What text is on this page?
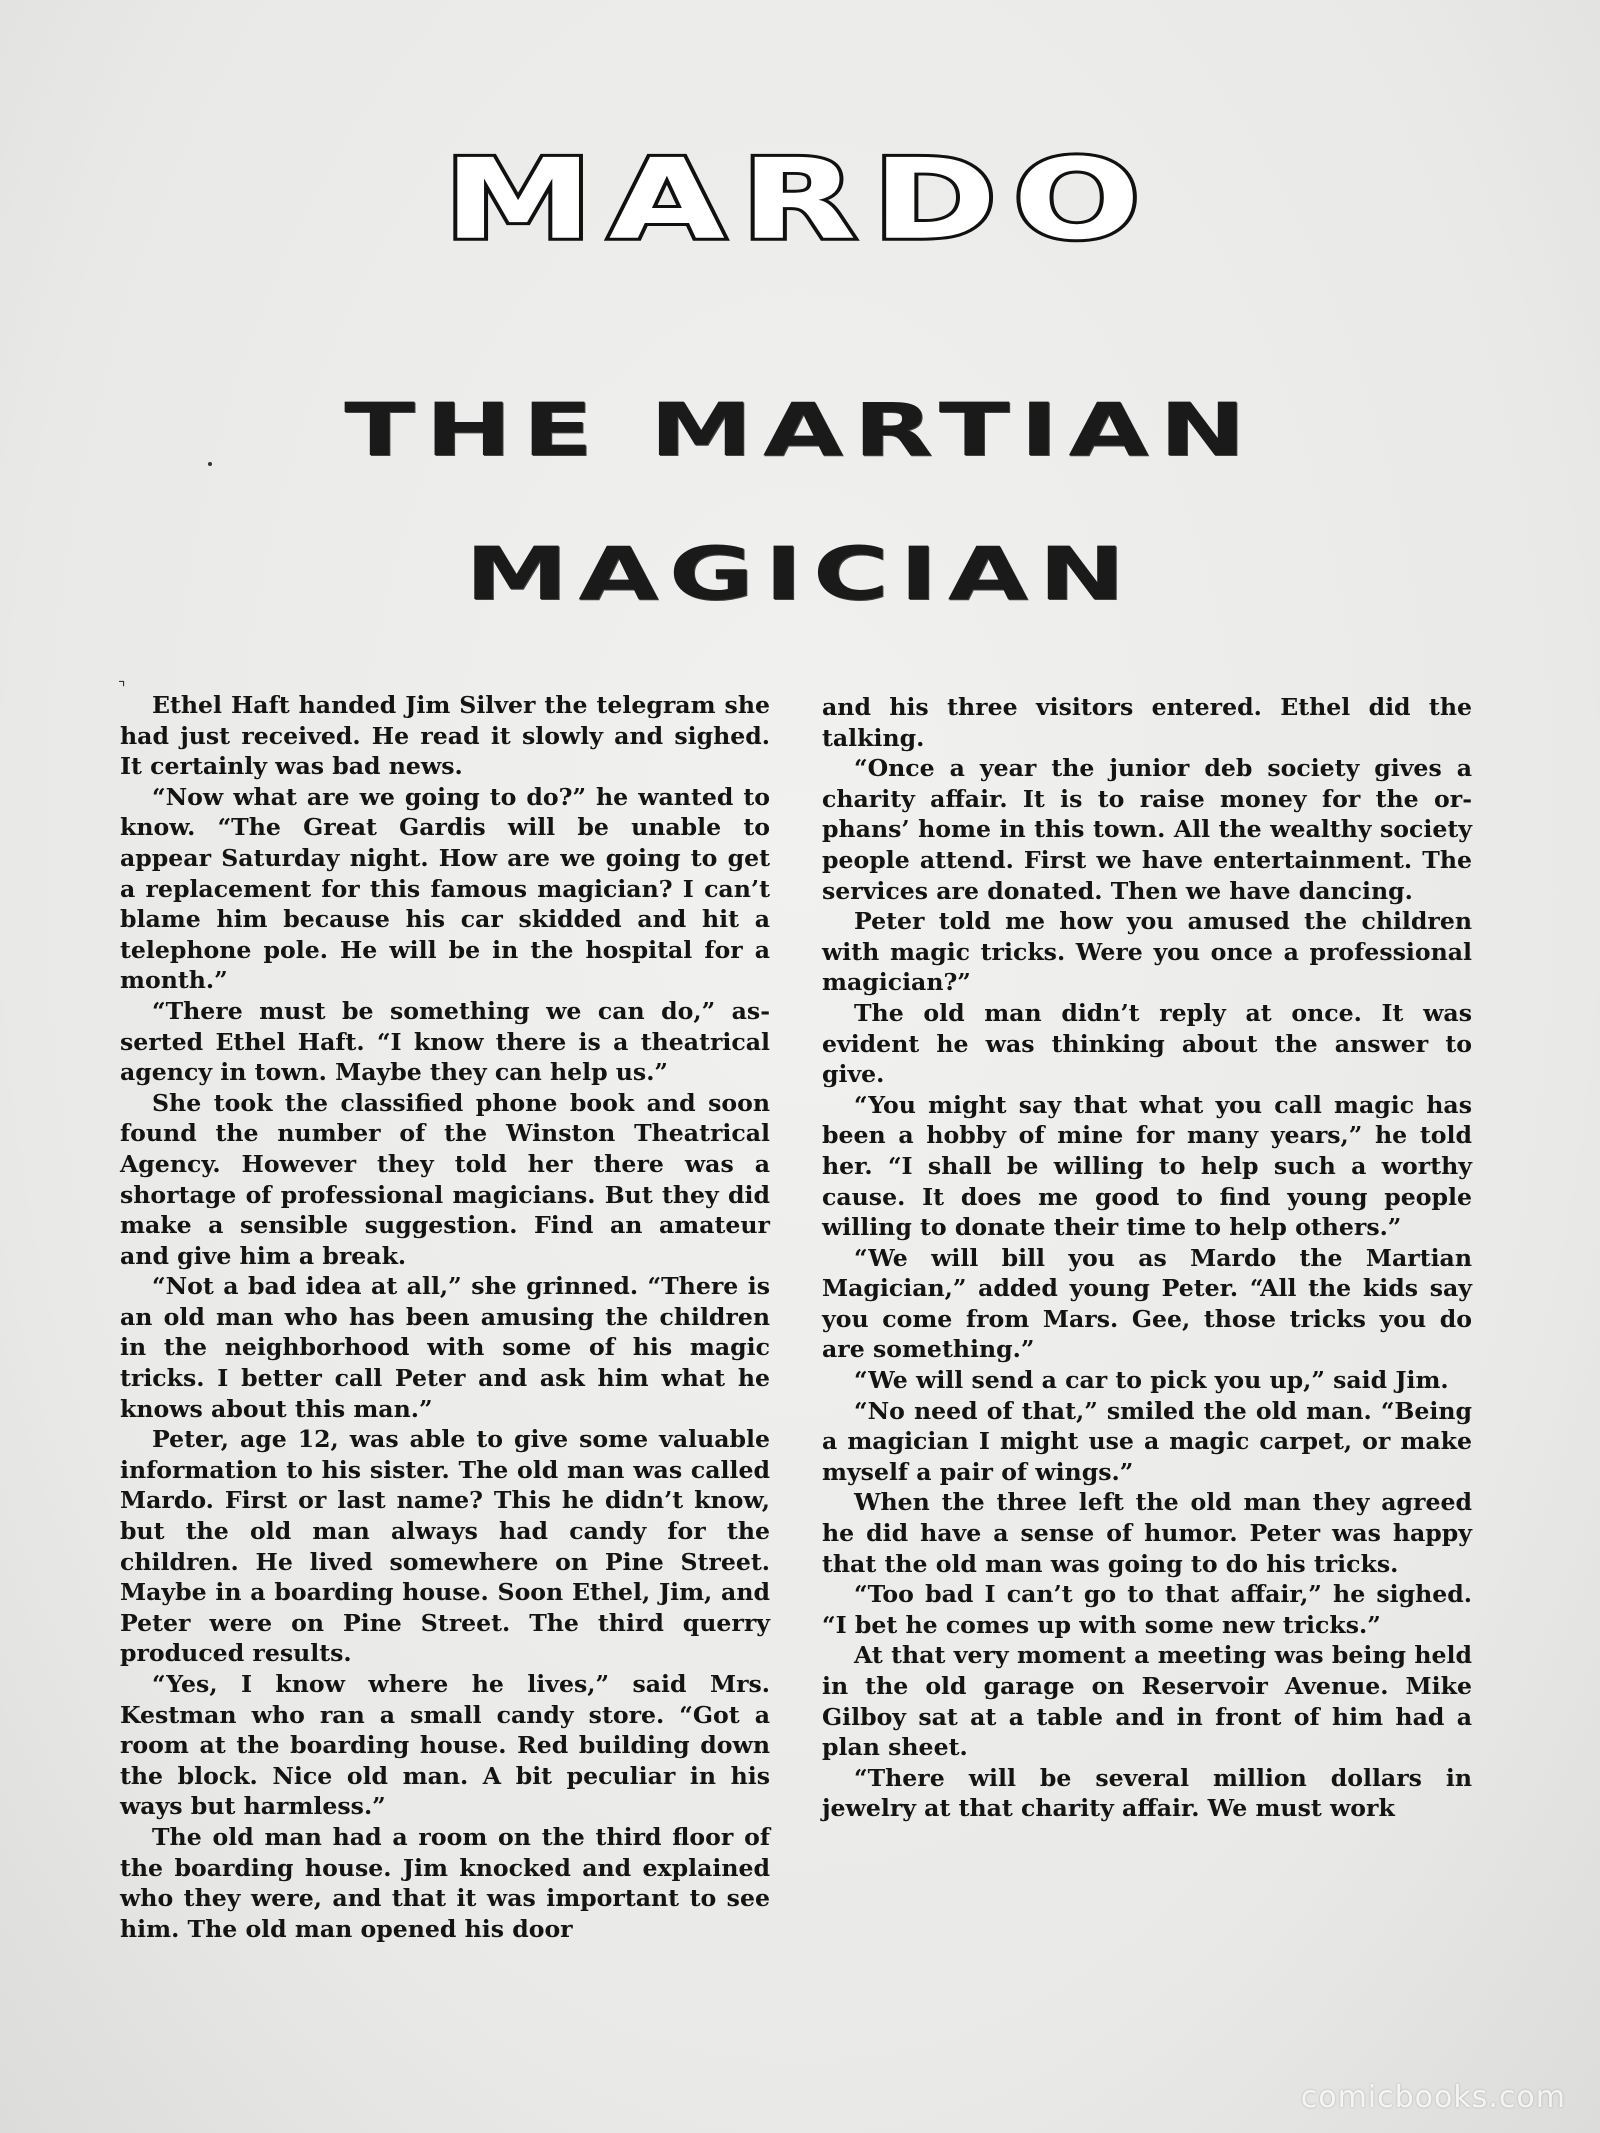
MARDO
THE MARTIAN
MAGICIAN
⌝

Ethel Haft handed Jim Silver the telegram she had just received. He read it slowly and sighed. It certainly was bad news.

“Now what are we going to do?” he wanted to know. “The Great Gardis will be unable to appear Saturday night. How are we going to get a replacement for this famous magician? I can’t blame him because his car skidded and hit a telephone pole. He will be in the hospital for a month.”

“There must be something we can do,” asserted Ethel Haft. “I know there is a theatrical agency in town. Maybe they can help us.”

She took the classified phone book and soon found the number of the Winston Theatrical Agency. However they told her there was a shortage of professional magicians. But they did make a sensible suggestion. Find an amateur and give him a break.

“Not a bad idea at all,” she grinned. “There is an old man who has been amusing the children in the neighborhood with some of his magic tricks. I better call Peter and ask him what he knows about this man.”

Peter, age 12, was able to give some valuable information to his sister. The old man was called Mardo. First or last name? This he didn’t know, but the old man always had candy for the children. He lived somewhere on Pine Street. Maybe in a boarding house. Soon Ethel, Jim, and Peter were on Pine Street. The third querry produced results.

“Yes, I know where he lives,” said Mrs. Kestman who ran a small candy store. “Got a room at the boarding house. Red building down the block. Nice old man. A bit peculiar in his ways but harmless.”

The old man had a room on the third floor of the boarding house. Jim knocked and explained who they were, and that it was important to see him. The old man opened his door

and his three visitors entered. Ethel did the talking.

“Once a year the junior deb society gives a charity affair. It is to raise money for the orphans’ home in this town. All the wealthy society people attend. First we have entertainment. The services are donated. Then we have dancing.

Peter told me how you amused the children with magic tricks. Were you once a professional magician?”

The old man didn’t reply at once. It was evident he was thinking about the answer to give.

“You might say that what you call magic has been a hobby of mine for many years,” he told her. “I shall be willing to help such a worthy cause. It does me good to find young people willing to donate their time to help others.”

“We will bill you as Mardo the Martian Magician,” added young Peter. “All the kids say you come from Mars. Gee, those tricks you do are something.”

“We will send a car to pick you up,” said Jim.

“No need of that,” smiled the old man. “Being a magician I might use a magic carpet, or make myself a pair of wings.”

When the three left the old man they agreed he did have a sense of humor. Peter was happy that the old man was going to do his tricks.

“Too bad I can’t go to that affair,” he sighed. “I bet he comes up with some new tricks.”

At that very moment a meeting was being held in the old garage on Reservoir Avenue. Mike Gilboy sat at a table and in front of him had a plan sheet.

“There will be several million dollars in jewelry at that charity affair. We must work

comicbooks.com
